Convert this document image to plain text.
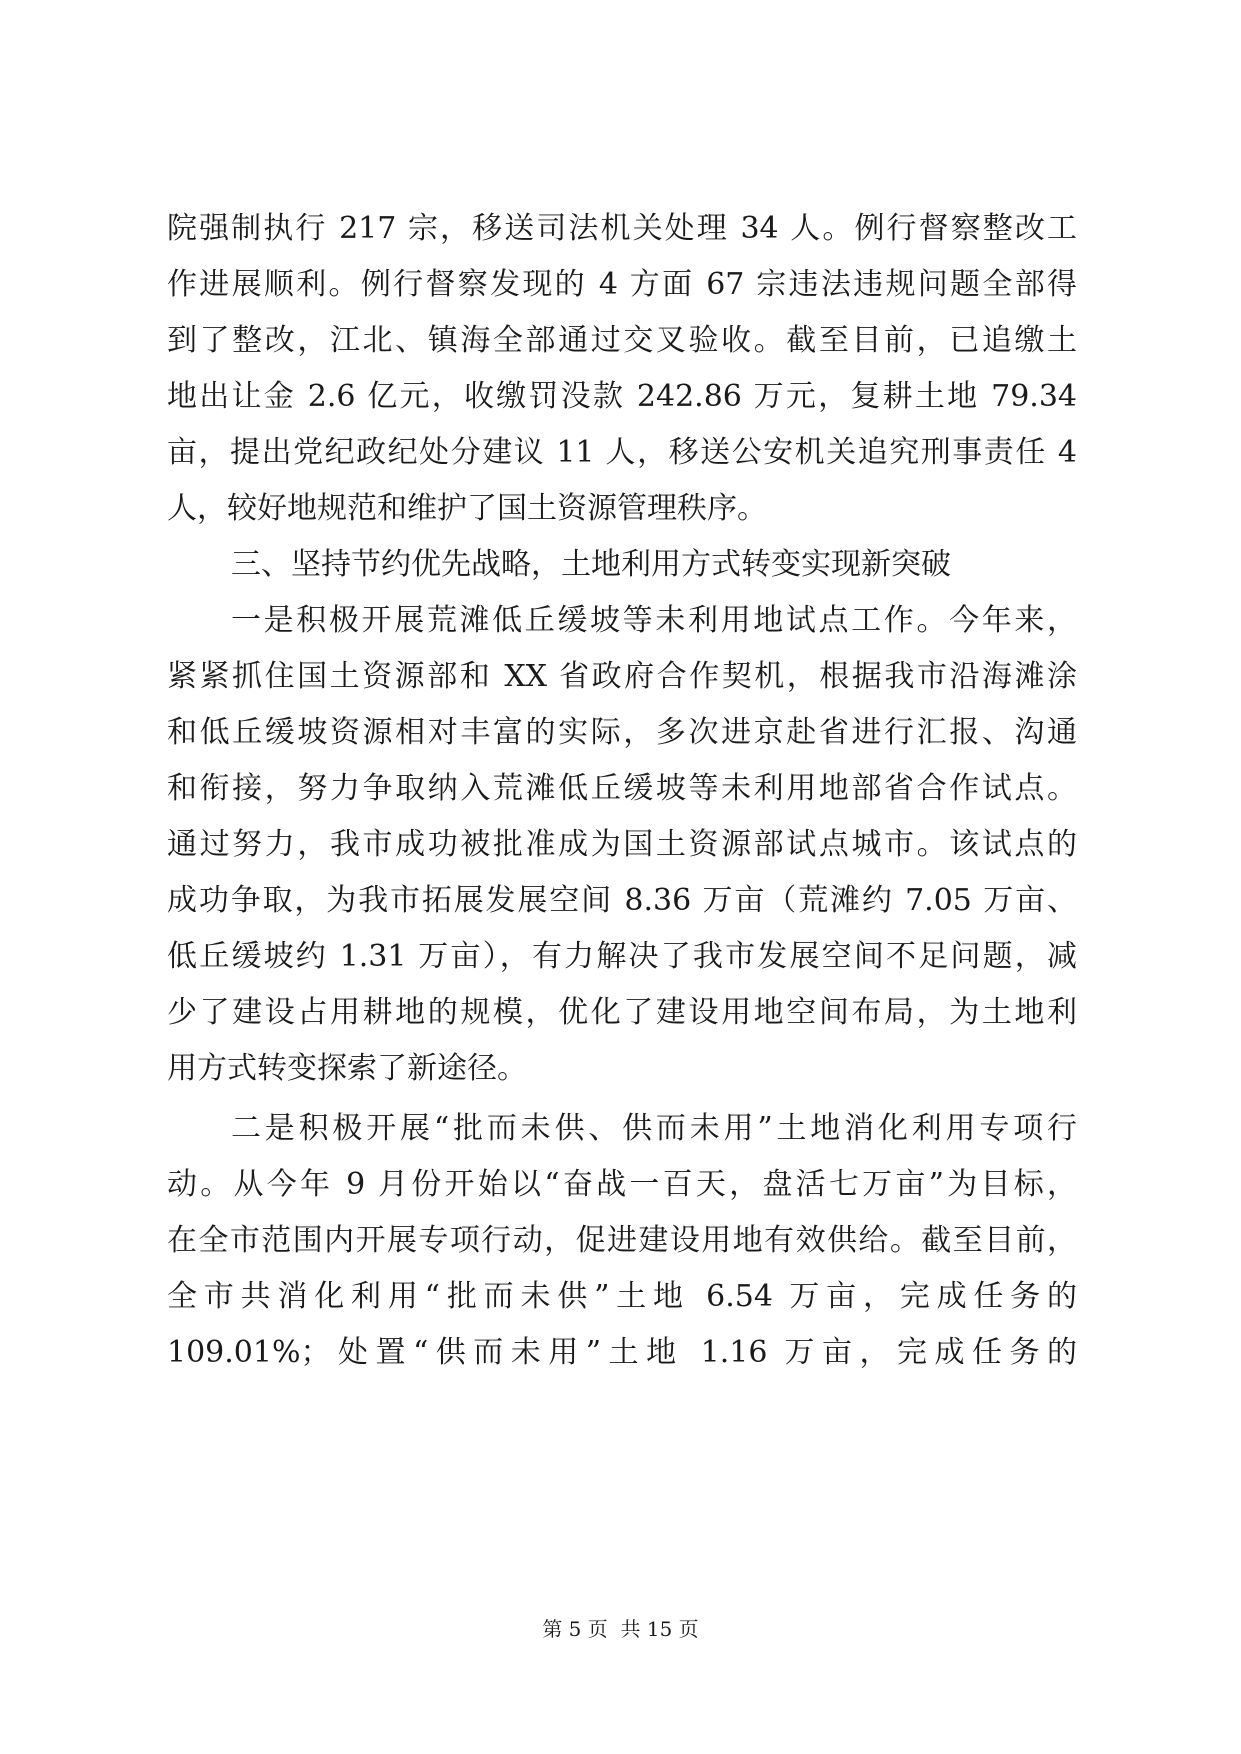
院强制执行 217 宗，移送司法机关处理 34 人。例行督察整改工
作进展顺利。例行督察发现的 4 方面 67 宗违法违规问题全部得
到了整改，江北、镇海全部通过交叉验收。截至目前，已追缴土
地出让金 2.6 亿元，收缴罚没款 242.86 万元，复耕土地 79.34
亩，提出党纪政纪处分建议 11 人，移送公安机关追究刑事责任 4
人，较好地规范和维护了国土资源管理秩序。
三、坚持节约优先战略，土地利用方式转变实现新突破
一是积极开展荒滩低丘缓坡等未利用地试点工作。今年来，
紧紧抓住国土资源部和 XX 省政府合作契机，根据我市沿海滩涂
和低丘缓坡资源相对丰富的实际，多次进京赴省进行汇报、沟通
和衔接，努力争取纳入荒滩低丘缓坡等未利用地部省合作试点。
通过努力，我市成功被批准成为国土资源部试点城市。该试点的
成功争取，为我市拓展发展空间 8.36 万亩（荒滩约 7.05 万亩、
低丘缓坡约 1.31 万亩），有力解决了我市发展空间不足问题，减
少了建设占用耕地的规模，优化了建设用地空间布局，为土地利
用方式转变探索了新途径。
二是积极开展“批而未供、供而未用”土地消化利用专项行
动。从今年 9 月份开始以“奋战一百天，盘活七万亩”为目标，
在全市范围内开展专项行动，促进建设用地有效供给。截至目前，
全市共消化利用“批而未供”土地 6.54 万亩，完成任务的
109.01%；处置“供而未用”土地 1.16 万亩，完成任务的
第 5 页  共 15 页
